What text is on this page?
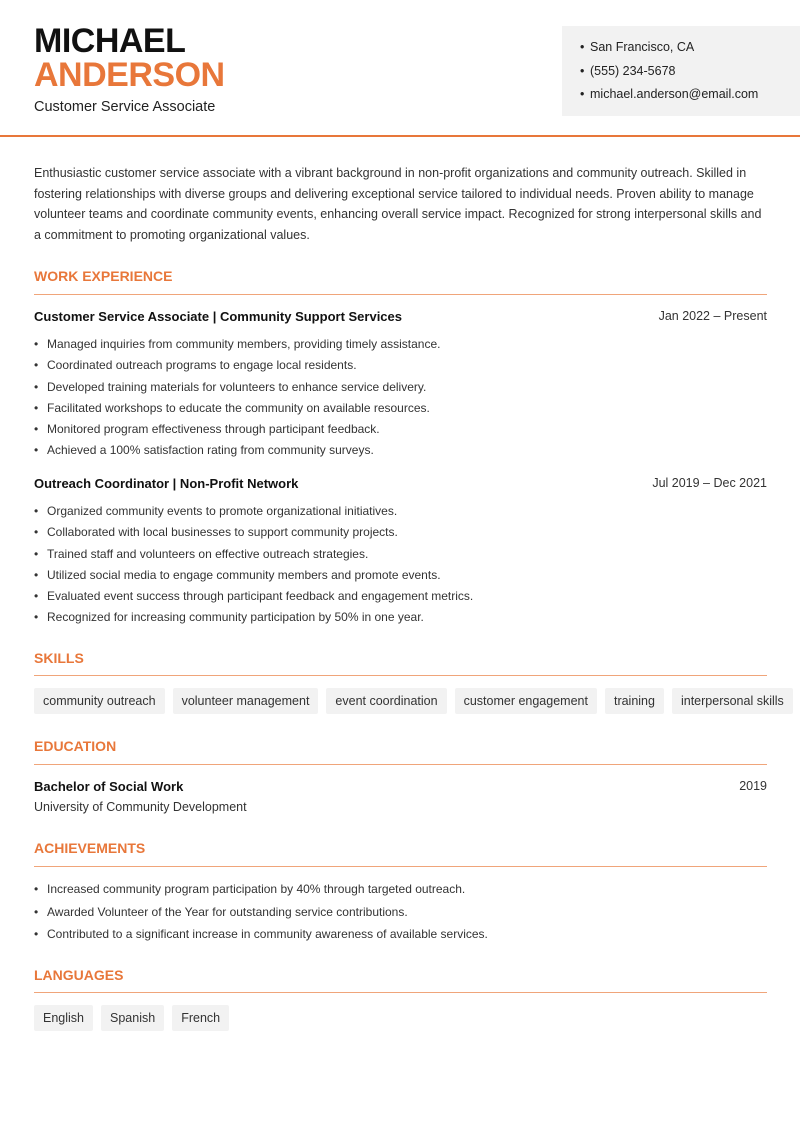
MICHAEL
ANDERSON
Customer Service Associate
• San Francisco, CA
• (555) 234-5678
• michael.anderson@email.com

Enthusiastic customer service associate with a vibrant background in non-profit organizations and community outreach. Skilled in fostering relationships with diverse groups and delivering exceptional service tailored to individual needs. Proven ability to manage volunteer teams and coordinate community events, enhancing overall service impact. Recognized for strong interpersonal skills and a commitment to promoting organizational values.

WORK EXPERIENCE
Customer Service Associate | Community Support Services	Jan 2022 – Present
• Managed inquiries from community members, providing timely assistance.
• Coordinated outreach programs to engage local residents.
• Developed training materials for volunteers to enhance service delivery.
• Facilitated workshops to educate the community on available resources.
• Monitored program effectiveness through participant feedback.
• Achieved a 100% satisfaction rating from community surveys.
Outreach Coordinator | Non-Profit Network	Jul 2019 – Dec 2021
• Organized community events to promote organizational initiatives.
• Collaborated with local businesses to support community projects.
• Trained staff and volunteers on effective outreach strategies.
• Utilized social media to engage community members and promote events.
• Evaluated event success through participant feedback and engagement metrics.
• Recognized for increasing community participation by 50% in one year.
SKILLS
community outreach	volunteer management	event coordination	customer engagement	training	interpersonal skills
EDUCATION
Bachelor of Social Work	2019
University of Community Development
ACHIEVEMENTS
• Increased community program participation by 40% through targeted outreach.
• Awarded Volunteer of the Year for outstanding service contributions.
• Contributed to a significant increase in community awareness of available services.
LANGUAGES
English	Spanish	French
